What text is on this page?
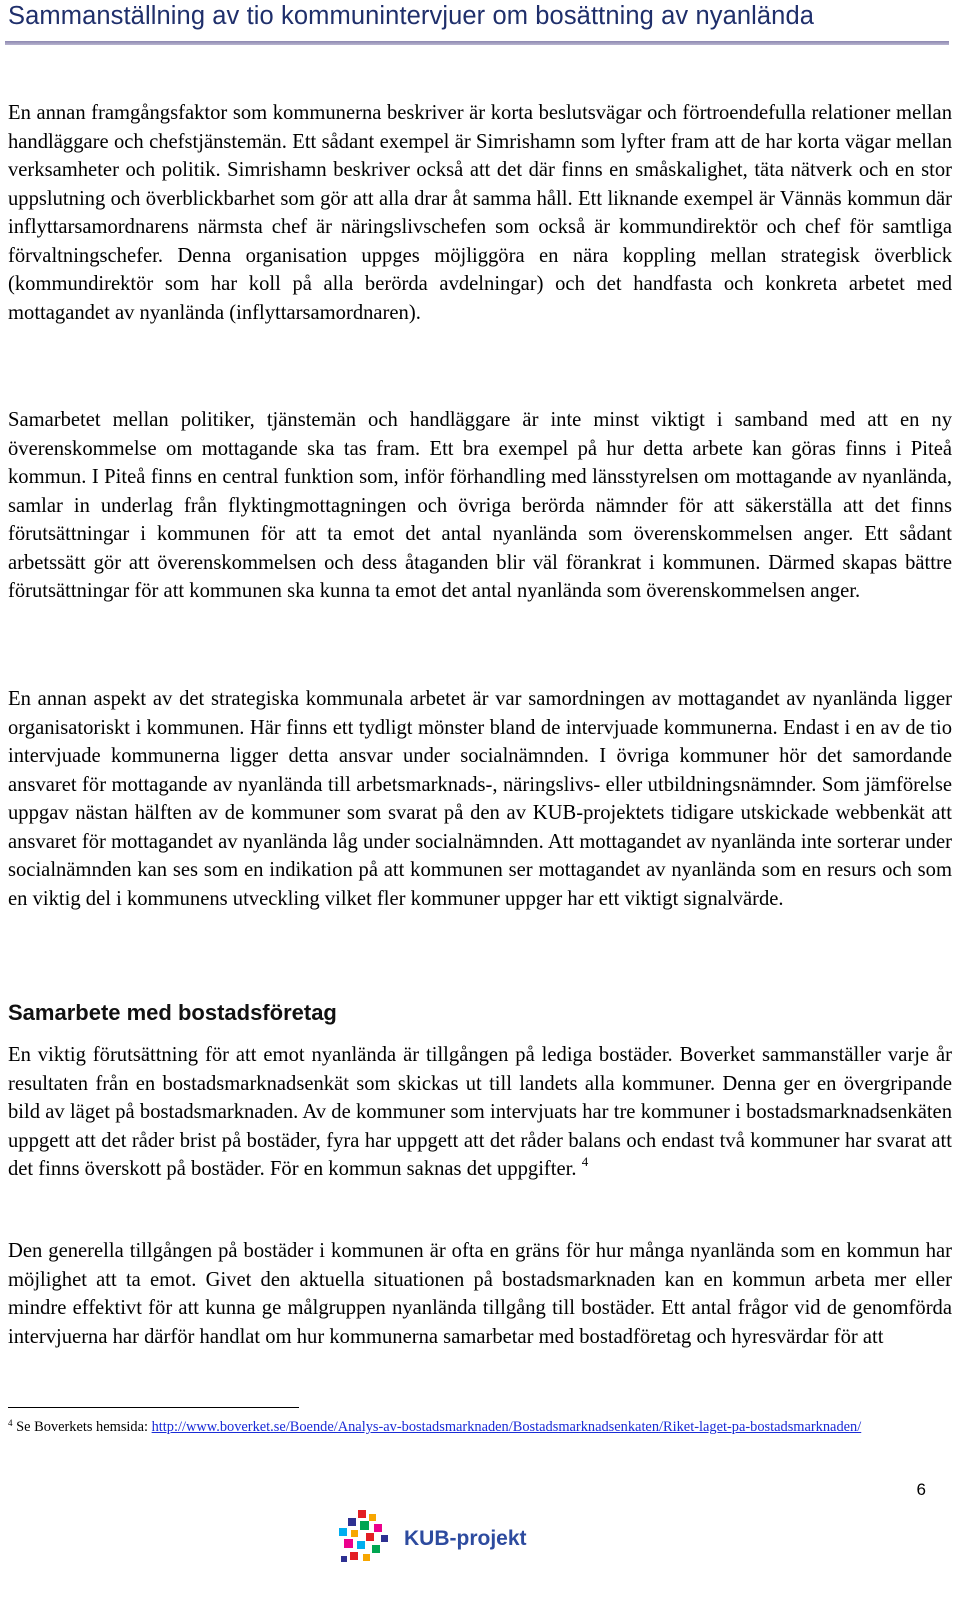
Sammanställning av tio kommunintervjuer om bosättning av nyanlända

En annan framgångsfaktor som kommunerna beskriver är korta beslutsvägar och förtroendefulla relationer mellan handläggare och chefstjänstemän. Ett sådant exempel är Simrishamn som lyfter fram att de har korta vägar mellan verksamheter och politik. Simrishamn beskriver också att det där finns en småskalighet, täta nätverk och en stor uppslutning och överblickbarhet som gör att alla drar åt samma håll. Ett liknande exempel är Vännäs kommun där inflyttarsamordnarens närmsta chef är näringslivschefen som också är kommundirektör och chef för samtliga förvaltningschefer. Denna organisation uppges möjliggöra en nära koppling mellan strategisk överblick (kommundirektör som har koll på alla berörda avdelningar) och det handfasta och konkreta arbetet med mottagandet av nyanlända (inflyttarsamordnaren).

Samarbetet mellan politiker, tjänstemän och handläggare är inte minst viktigt i samband med att en ny överenskommelse om mottagande ska tas fram. Ett bra exempel på hur detta arbete kan göras finns i Piteå kommun. I Piteå finns en central funktion som, inför förhandling med länsstyrelsen om mottagande av nyanlända, samlar in underlag från flyktingmottagningen och övriga berörda nämnder för att säkerställa att det finns förutsättningar i kommunen för att ta emot det antal nyanlända som överenskommelsen anger. Ett sådant arbetssätt gör att överenskommelsen och dess åtaganden blir väl förankrat i kommunen. Därmed skapas bättre förutsättningar för att kommunen ska kunna ta emot det antal nyanlända som överenskommelsen anger.

En annan aspekt av det strategiska kommunala arbetet är var samordningen av mottagandet av nyanlända ligger organisatoriskt i kommunen. Här finns ett tydligt mönster bland de intervjuade kommunerna. Endast i en av de tio intervjuade kommunerna ligger detta ansvar under socialnämnden. I övriga kommuner hör det samordande ansvaret för mottagande av nyanlända till arbetsmarknads-, näringslivs- eller utbildningsnämnder. Som jämförelse uppgav nästan hälften av de kommuner som svarat på den av KUB-projektets tidigare utskickade webbenkät att ansvaret för mottagandet av nyanlända låg under socialnämnden. Att mottagandet av nyanlända inte sorterar under socialnämnden kan ses som en indikation på att kommunen ser mottagandet av nyanlända som en resurs och som en viktig del i kommunens utveckling vilket fler kommuner uppger har ett viktigt signalvärde.

Samarbete med bostadsföretag

En viktig förutsättning för att emot nyanlända är tillgången på lediga bostäder. Boverket sammanställer varje år resultaten från en bostadsmarknadsenkät som skickas ut till landets alla kommuner. Denna ger en övergripande bild av läget på bostadsmarknaden. Av de kommuner som intervjuats har tre kommuner i bostadsmarknadsenkäten uppgett att det råder brist på bostäder, fyra har uppgett att det råder balans och endast två kommuner har svarat att det finns överskott på bostäder. För en kommun saknas det uppgifter. $^4$

Den generella tillgången på bostäder i kommunen är ofta en gräns för hur många nyanlända som en kommun har möjlighet att ta emot. Givet den aktuella situationen på bostadsmarknaden kan en kommun arbeta mer eller mindre effektivt för att kunna ge målgruppen nyanlända tillgång till bostäder. Ett antal frågor vid de genomförda intervjuerna har därför handlat om hur kommunerna samarbetar med bostadföretag och hyresvärdar för att

$^4$ Se Boverkets hemsida: http://www.boverket.se/Boende/Analys-av-bostadsmarknaden/Bostadsmarknadsenkaten/Riket-laget-pa-bostadsmarknaden/
6
KUB-projekt
